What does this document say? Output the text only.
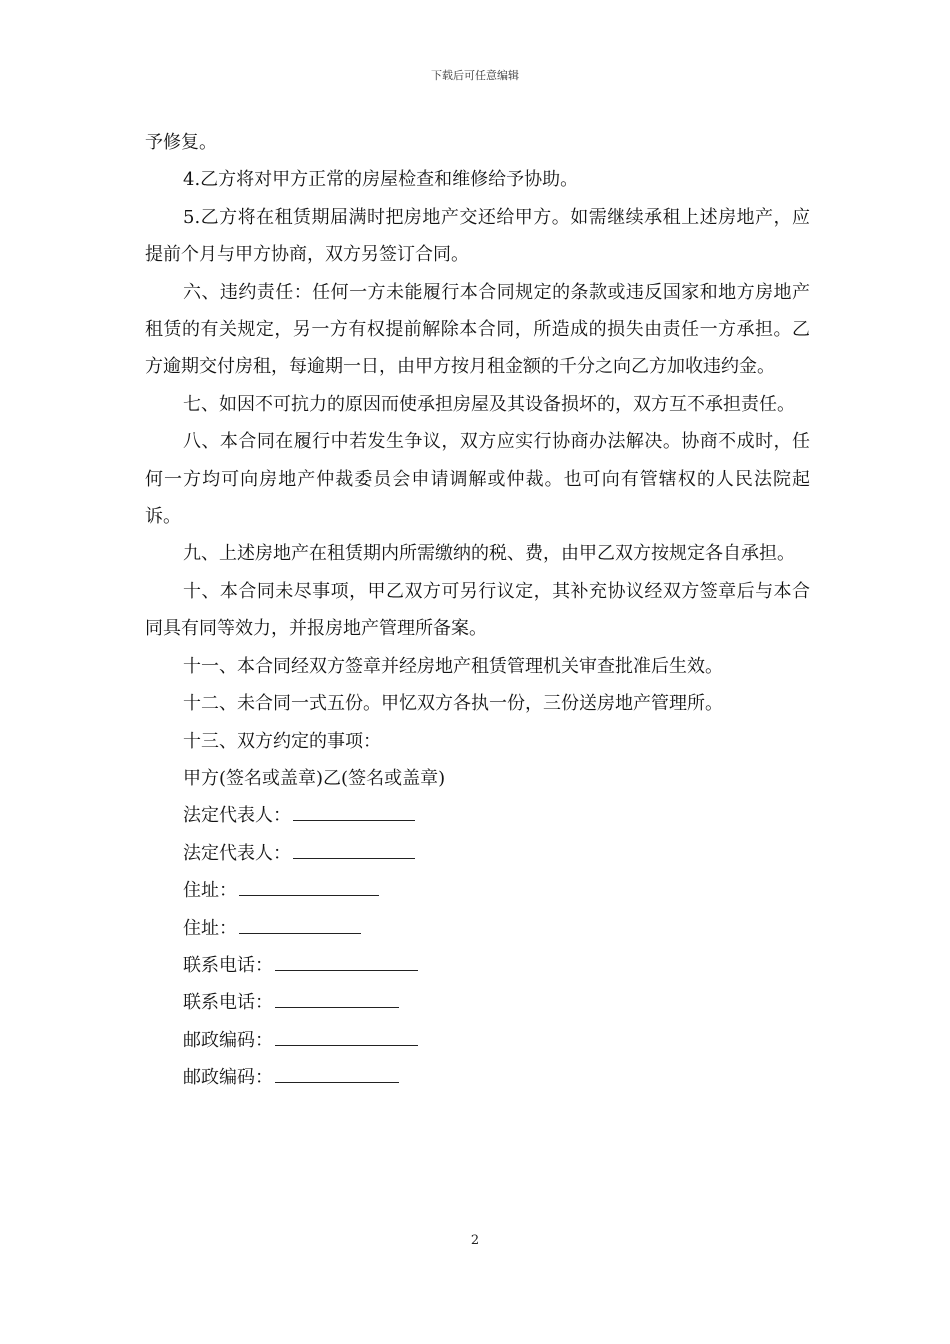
下载后可任意编辑

予修复。

4.乙方将对甲方正常的房屋检查和维修给予协助。

5.乙方将在租赁期届满时把房地产交还给甲方。如需继续承租上述房地产，应提前个月与甲方协商，双方另签订合同。

六、违约责任：任何一方未能履行本合同规定的条款或违反国家和地方房地产租赁的有关规定，另一方有权提前解除本合同，所造成的损失由责任一方承担。乙方逾期交付房租，每逾期一日，由甲方按月租金额的千分之向乙方加收违约金。

七、如因不可抗力的原因而使承担房屋及其设备损坏的，双方互不承担责任。

八、本合同在履行中若发生争议，双方应实行协商办法解决。协商不成时，任何一方均可向房地产仲裁委员会申请调解或仲裁。也可向有管辖权的人民法院起诉。

九、上述房地产在租赁期内所需缴纳的税、费，由甲乙双方按规定各自承担。

十、本合同未尽事项，甲乙双方可另行议定，其补充协议经双方签章后与本合同具有同等效力，并报房地产管理所备案。

十一、本合同经双方签章并经房地产租赁管理机关审查批准后生效。

十二、未合同一式五份。甲忆双方各执一份，三份送房地产管理所。

十三、双方约定的事项：

甲方(签名或盖章)乙(签名或盖章)

法定代表人：

法定代表人：

住址：

住址：

联系电话：

联系电话：

邮政编码：

邮政编码：

2
